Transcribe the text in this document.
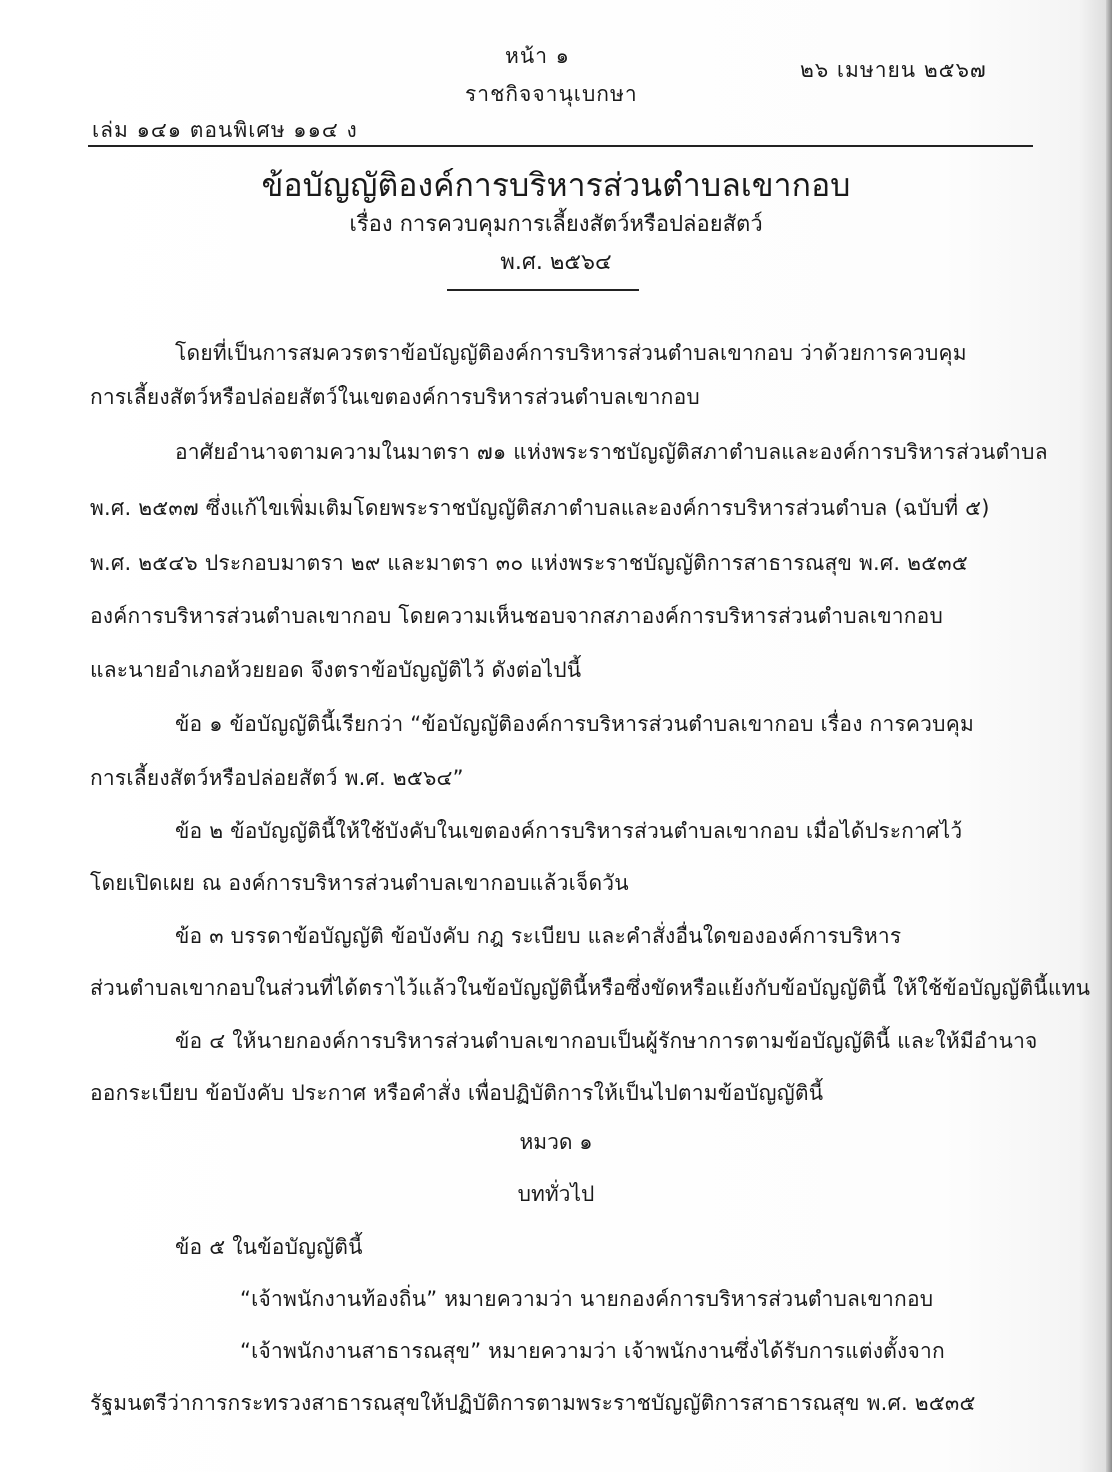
หน้า ๑
๒๖ เมษายน ๒๕๖๗
ราชกิจจานุเบกษา
เล่ม ๑๔๑ ตอนพิเศษ ๑๑๔ ง
ข้อบัญญัติองค์การบริหารส่วนตำบลเขากอบ
เรื่อง การควบคุมการเลี้ยงสัตว์หรือปล่อยสัตว์
พ.ศ. ๒๕๖๔
โดยที่เป็นการสมควรตราข้อบัญญัติองค์การบริหารส่วนตำบลเขากอบ ว่าด้วยการควบคุม
การเลี้ยงสัตว์หรือปล่อยสัตว์ในเขตองค์การบริหารส่วนตำบลเขากอบ
อาศัยอำนาจตามความในมาตรา ๗๑ แห่งพระราชบัญญัติสภาตำบลและองค์การบริหารส่วนตำบล
พ.ศ. ๒๕๓๗ ซึ่งแก้ไขเพิ่มเติมโดยพระราชบัญญัติสภาตำบลและองค์การบริหารส่วนตำบล (ฉบับที่ ๕)
พ.ศ. ๒๕๔๖ ประกอบมาตรา ๒๙ และมาตรา ๓๐ แห่งพระราชบัญญัติการสาธารณสุข พ.ศ. ๒๕๓๕
องค์การบริหารส่วนตำบลเขากอบ โดยความเห็นชอบจากสภาองค์การบริหารส่วนตำบลเขากอบ
และนายอำเภอห้วยยอด จึงตราข้อบัญญัติไว้ ดังต่อไปนี้
ข้อ ๑ ข้อบัญญัตินี้เรียกว่า “ข้อบัญญัติองค์การบริหารส่วนตำบลเขากอบ เรื่อง การควบคุม
การเลี้ยงสัตว์หรือปล่อยสัตว์ พ.ศ. ๒๕๖๔”
ข้อ ๒ ข้อบัญญัตินี้ให้ใช้บังคับในเขตองค์การบริหารส่วนตำบลเขากอบ เมื่อได้ประกาศไว้
โดยเปิดเผย ณ องค์การบริหารส่วนตำบลเขากอบแล้วเจ็ดวัน
ข้อ ๓ บรรดาข้อบัญญัติ ข้อบังคับ กฎ ระเบียบ และคำสั่งอื่นใดขององค์การบริหาร
ส่วนตำบลเขากอบในส่วนที่ได้ตราไว้แล้วในข้อบัญญัตินี้หรือซึ่งขัดหรือแย้งกับข้อบัญญัตินี้ ให้ใช้ข้อบัญญัตินี้แทน
ข้อ ๔ ให้นายกองค์การบริหารส่วนตำบลเขากอบเป็นผู้รักษาการตามข้อบัญญัตินี้ และให้มีอำนาจ
ออกระเบียบ ข้อบังคับ ประกาศ หรือคำสั่ง เพื่อปฏิบัติการให้เป็นไปตามข้อบัญญัตินี้
หมวด ๑
บททั่วไป
ข้อ ๕ ในข้อบัญญัตินี้
“เจ้าพนักงานท้องถิ่น” หมายความว่า นายกองค์การบริหารส่วนตำบลเขากอบ
“เจ้าพนักงานสาธารณสุข” หมายความว่า เจ้าพนักงานซึ่งได้รับการแต่งตั้งจาก
รัฐมนตรีว่าการกระทรวงสาธารณสุขให้ปฏิบัติการตามพระราชบัญญัติการสาธารณสุข พ.ศ. ๒๕๓๕
